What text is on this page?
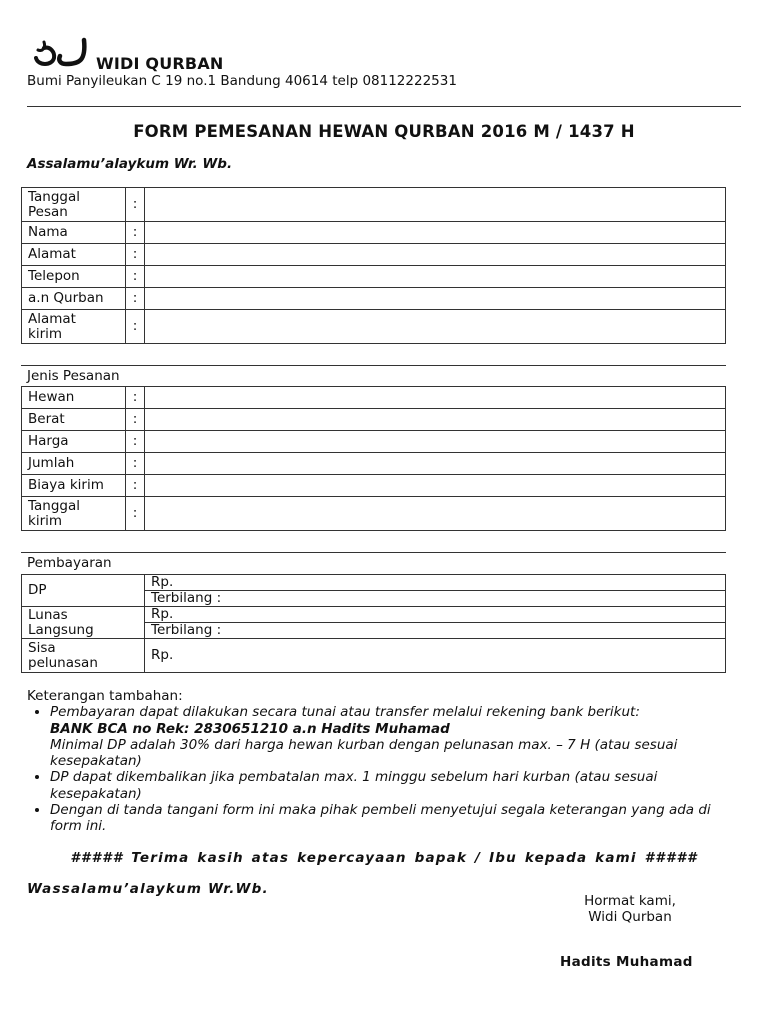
WIDI QURBAN
Bumi Panyileukan C 19 no.1 Bandung 40614 telp 08112222531
FORM PEMESANAN HEWAN QURBAN 2016 M / 1437 H
Assalamu’alaykum Wr. Wb.
Tanggal
Pesan	:	
Nama	:	
Alamat	:	
Telepon	:	
a.n Qurban	:	
Alamat
kirim	:	
Jenis Pesanan
Hewan	:	
Berat	:	
Harga	:	
Jumlah	:	
Biaya kirim	:	
Tanggal
kirim	:	
Pembayaran
DP	Rp.
	Terbilang :
Lunas
Langsung	Rp.
	Terbilang :
Sisa
pelunasan	Rp.
Keterangan tambahan:
• Pembayaran dapat dilakukan secara tunai atau transfer melalui rekening bank berikut:
BANK BCA no Rek: 2830651210 a.n Hadits Muhamad
Minimal DP adalah 30% dari harga hewan kurban dengan pelunasan max. – 7 H (atau sesuai kesepakatan)
• DP dapat dikembalikan jika pembatalan max. 1 minggu sebelum hari kurban (atau sesuai kesepakatan)
• Dengan di tanda tangani form ini maka pihak pembeli menyetujui segala keterangan yang ada di form ini.
##### Terima kasih atas kepercayaan bapak / Ibu kepada kami #####
Wassalamu’alaykum Wr.Wb.
Hormat kami,
Widi Qurban
Hadits Muhamad
